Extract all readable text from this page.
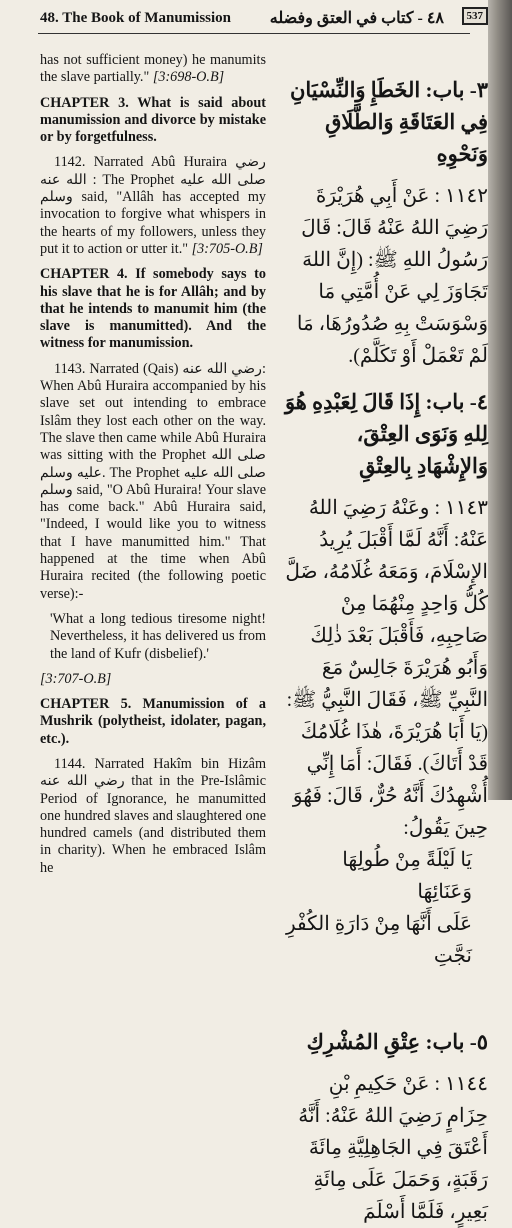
48. The Book of Manumission ٤٨ - كتاب في العتق وفضله	537

has not sufficient money) he manumits the slave partially." [3:698-O.B]

CHAPTER 3. What is said about manumission and divorce by mistake or by forgetfulness.

1142. Narrated Abû Huraira رضي الله عنه : The Prophet صلى الله عليه وسلم said, "Allâh has accepted my invocation to forgive what whispers in the hearts of my followers, unless they put it to action or utter it." [3:705-O.B]

CHAPTER 4. If somebody says to his slave that he is for Allâh; and by that he intends to manumit him (the slave is manumitted). And the witness for manumission.

1143. Narrated (Qais) رضي الله عنه: When Abû Huraira accompanied by his slave set out intending to embrace Islâm they lost each other on the way. The slave then came while Abû Huraira was sitting with the Prophet صلى الله عليه وسلم. The Prophet صلى الله عليه وسلم said, "O Abû Huraira! Your slave has come back." Abû Huraira said, "Indeed, I would like you to witness that I have manumitted him." That happened at the time when Abû Huraira recited (the following poetic verse):-

'What a long tedious tiresome night! Nevertheless, it has delivered us from the land of Kufr (disbelief).'

[3:707-O.B]

CHAPTER 5. Manumission of a Mushrik (polytheist, idolater, pagan, etc.).

1144. Narrated Hakîm bin Hizâm رضي الله عنه that in the Pre-Islâmic Period of Ignorance, he manumitted one hundred slaves and slaughtered one hundred camels (and distributed them in charity). When he embraced Islâm he

٣- باب: الخَطَإِ وَالنِّسْيَانِ فِي العَتَاقَةِ وَالطَّلَاقِ وَنَحْوِهِ

١١٤٢ : عَنْ أَبِي هُرَيْرَةَ رَضِيَ اللهُ عَنْهُ قَالَ: قَالَ رَسُولُ اللهِ ﷺ: (إِنَّ اللهَ تَجَاوَزَ لِي عَنْ أُمَّتِي مَا وَسْوَسَتْ بِهِ صُدُورُهَا، مَا لَمْ تَعْمَلْ أَوْ تَكَلَّمْ).

٤- باب: إِذَا قَالَ لِعَبْدِهِ هُوَ لِلهِ وَنَوَى العِتْقَ، وَالإِشْهَادِ بِالعِتْقِ

١١٤٣ : وعَنْهُ رَضِيَ اللهُ عَنْهُ: أَنَّهُ لَمَّا أَقْبَلَ يُرِيدُ الإِسْلَامَ، وَمَعَهُ غُلَامُهُ، ضَلَّ كُلُّ وَاحِدٍ مِنْهُمَا مِنْ صَاحِبِهِ، فَأَقْبَلَ بَعْدَ ذٰلِكَ وَأَبُو هُرَيْرَةَ جَالِسٌ مَعَ النَّبِيِّ ﷺ، فَقَالَ النَّبِيُّ ﷺ: (يَا أَبَا هُرَيْرَةَ، هٰذَا غُلَامُكَ قَدْ أَتَاكَ). فَقَالَ: أَمَا إِنِّي أُشْهِدُكَ أَنَّهُ حُرٌّ، قَالَ: فَهُوَ حِينَ يَقُولُ:

يَا لَيْلَةً مِنْ طُولِهَا وَعَنَائِهَا

عَلَى أَنَّهَا مِنْ دَارَةِ الكُفْرِ نَجَّتِ

٥- باب: عِتْقِ المُشْرِكِ

١١٤٤ : عَنْ حَكِيمِ بْنِ حِزَامٍ رَضِيَ اللهُ عَنْهُ: أَنَّهُ أَعْتَقَ فِي الجَاهِلِيَّةِ مِائَةَ رَقَبَةٍ، وَحَمَلَ عَلَى مِائَةِ بَعِيرٍ، فَلَمَّا أَسْلَمَ
